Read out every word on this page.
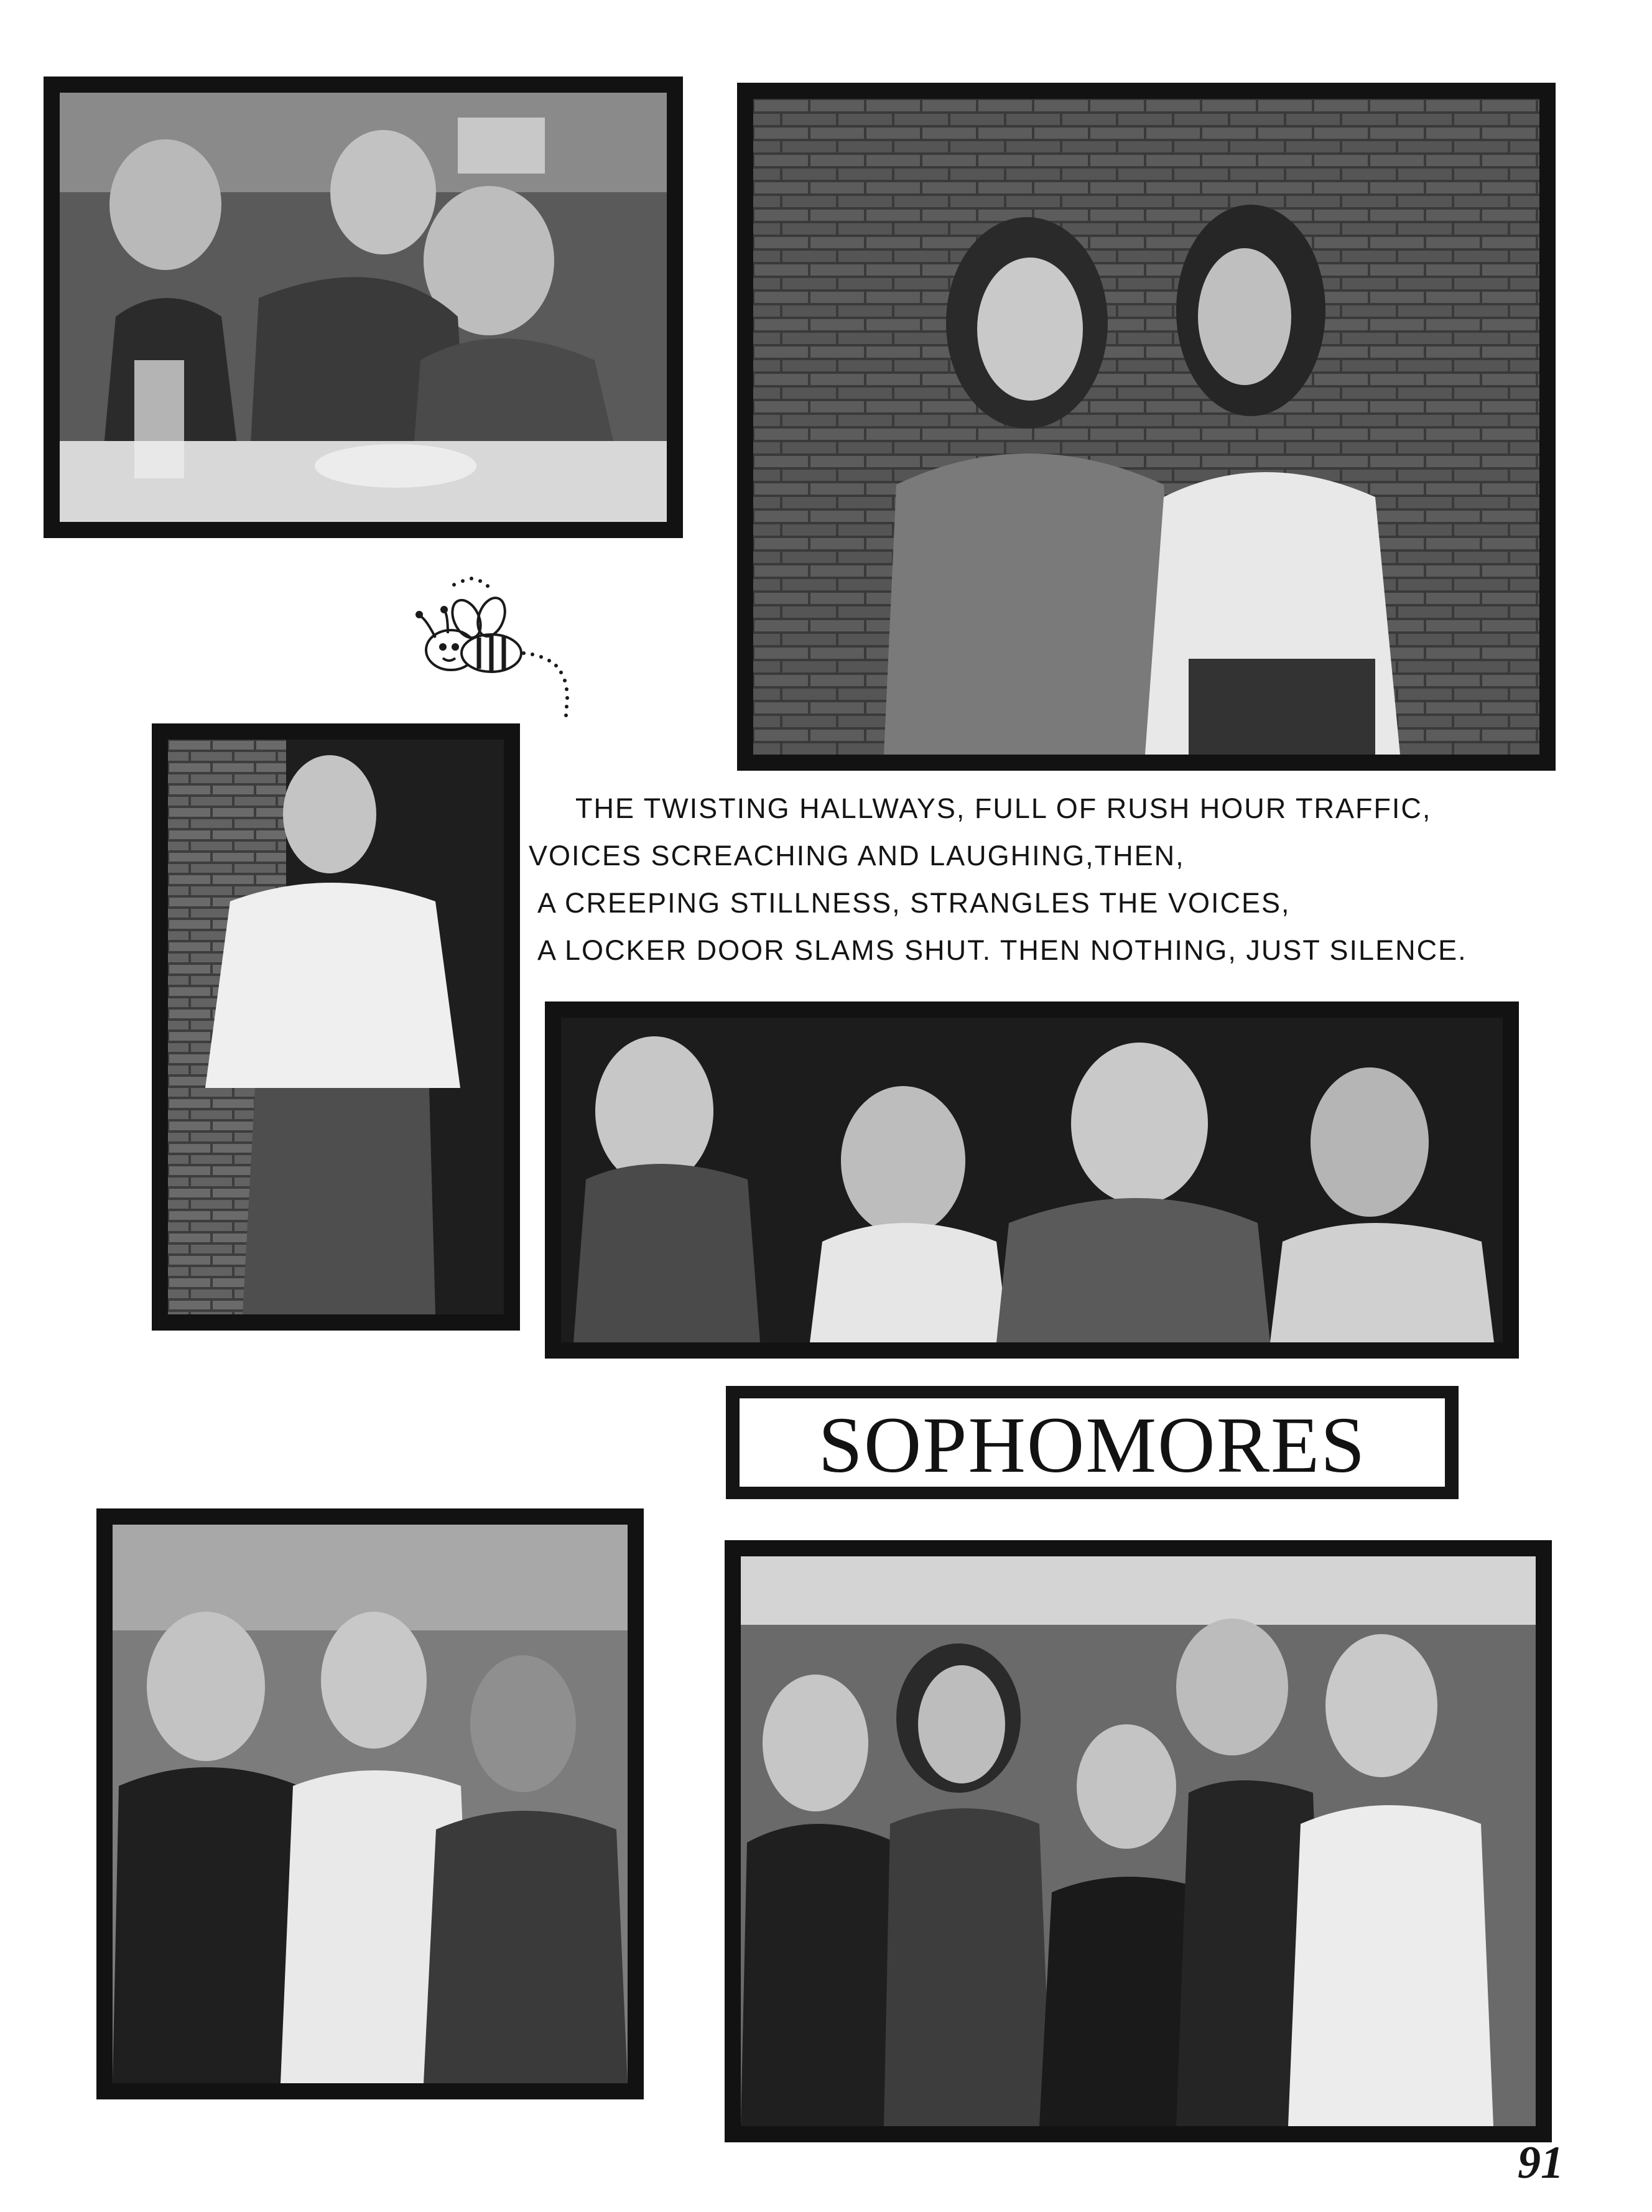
THE TWISTING HALLWAYS, FULL OF RUSH HOUR TRAFFIC,
VOICES SCREACHING AND LAUGHING,THEN,
A CREEPING STILLNESS, STRANGLES THE VOICES,
A LOCKER DOOR SLAMS SHUT. THEN NOTHING, JUST SILENCE.
SOPHOMORES
91
